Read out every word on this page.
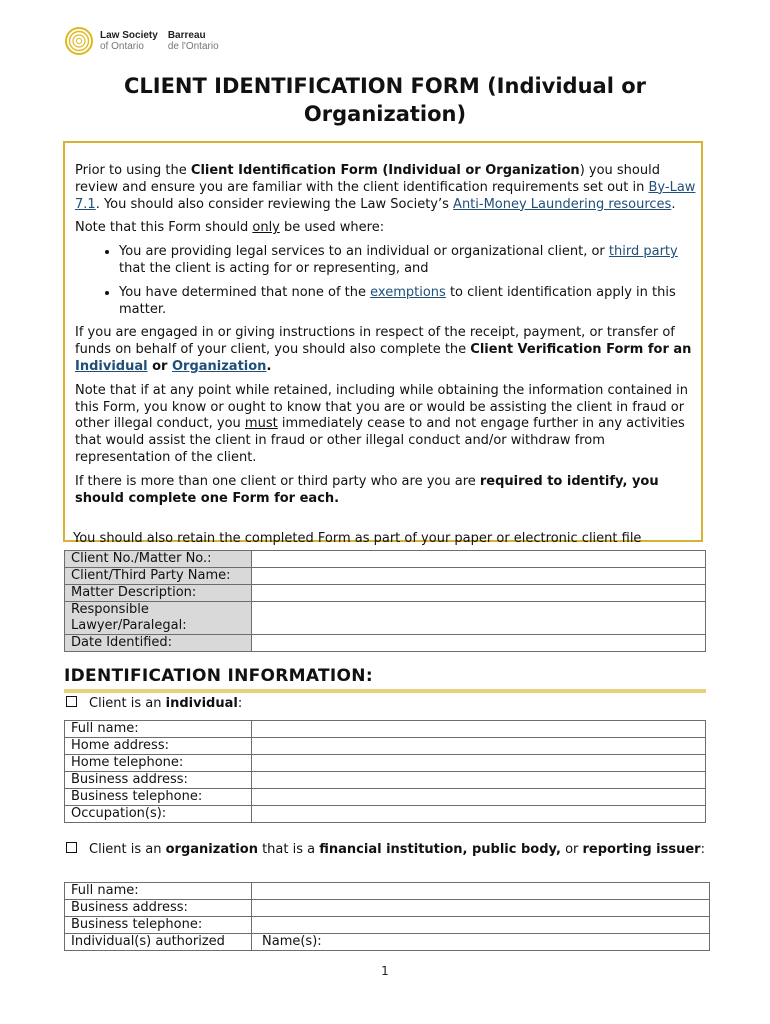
Law Society
of Ontario
Barreau
de l'Ontario
CLIENT IDENTIFICATION FORM (Individual or Organization)

Prior to using the Client Identification Form (Individual or Organization) you should review and ensure you are familiar with the client identification requirements set out in By-Law 7.1. You should also consider reviewing the Law Society’s Anti-Money Laundering resources.

Note that this Form should only be used where:

• You are providing legal services to an individual or organizational client, or third party that the client is acting for or representing, and
• You have determined that none of the exemptions to client identification apply in this matter.

If you are engaged in or giving instructions in respect of the receipt, payment, or transfer of funds on behalf of your client, you should also complete the Client Verification Form for an Individual or Organization.

Note that if at any point while retained, including while obtaining the information contained in this Form, you know or ought to know that you are or would be assisting the client in fraud or other illegal conduct, you must immediately cease to and not engage further in any activities that would assist the client in fraud or other illegal conduct and/or withdraw from representation of the client.

If there is more than one client or third party who are you are required to identify, you should complete one Form for each.

You should also retain the completed Form as part of your paper or electronic client file
Client No./Matter No.:	
Client/Third Party Name:	
Matter Description:	
Responsible Lawyer/Paralegal:	
Date Identified:	
IDENTIFICATION INFORMATION:
Client is an individual:
Full name:	
Home address:	
Home telephone:	
Business address:	
Business telephone:	
Occupation(s):	
Client is an organization that is a financial institution, public body, or reporting issuer:
Full name:	
Business address:	
Business telephone:	
Individual(s) authorized	Name(s):
1
